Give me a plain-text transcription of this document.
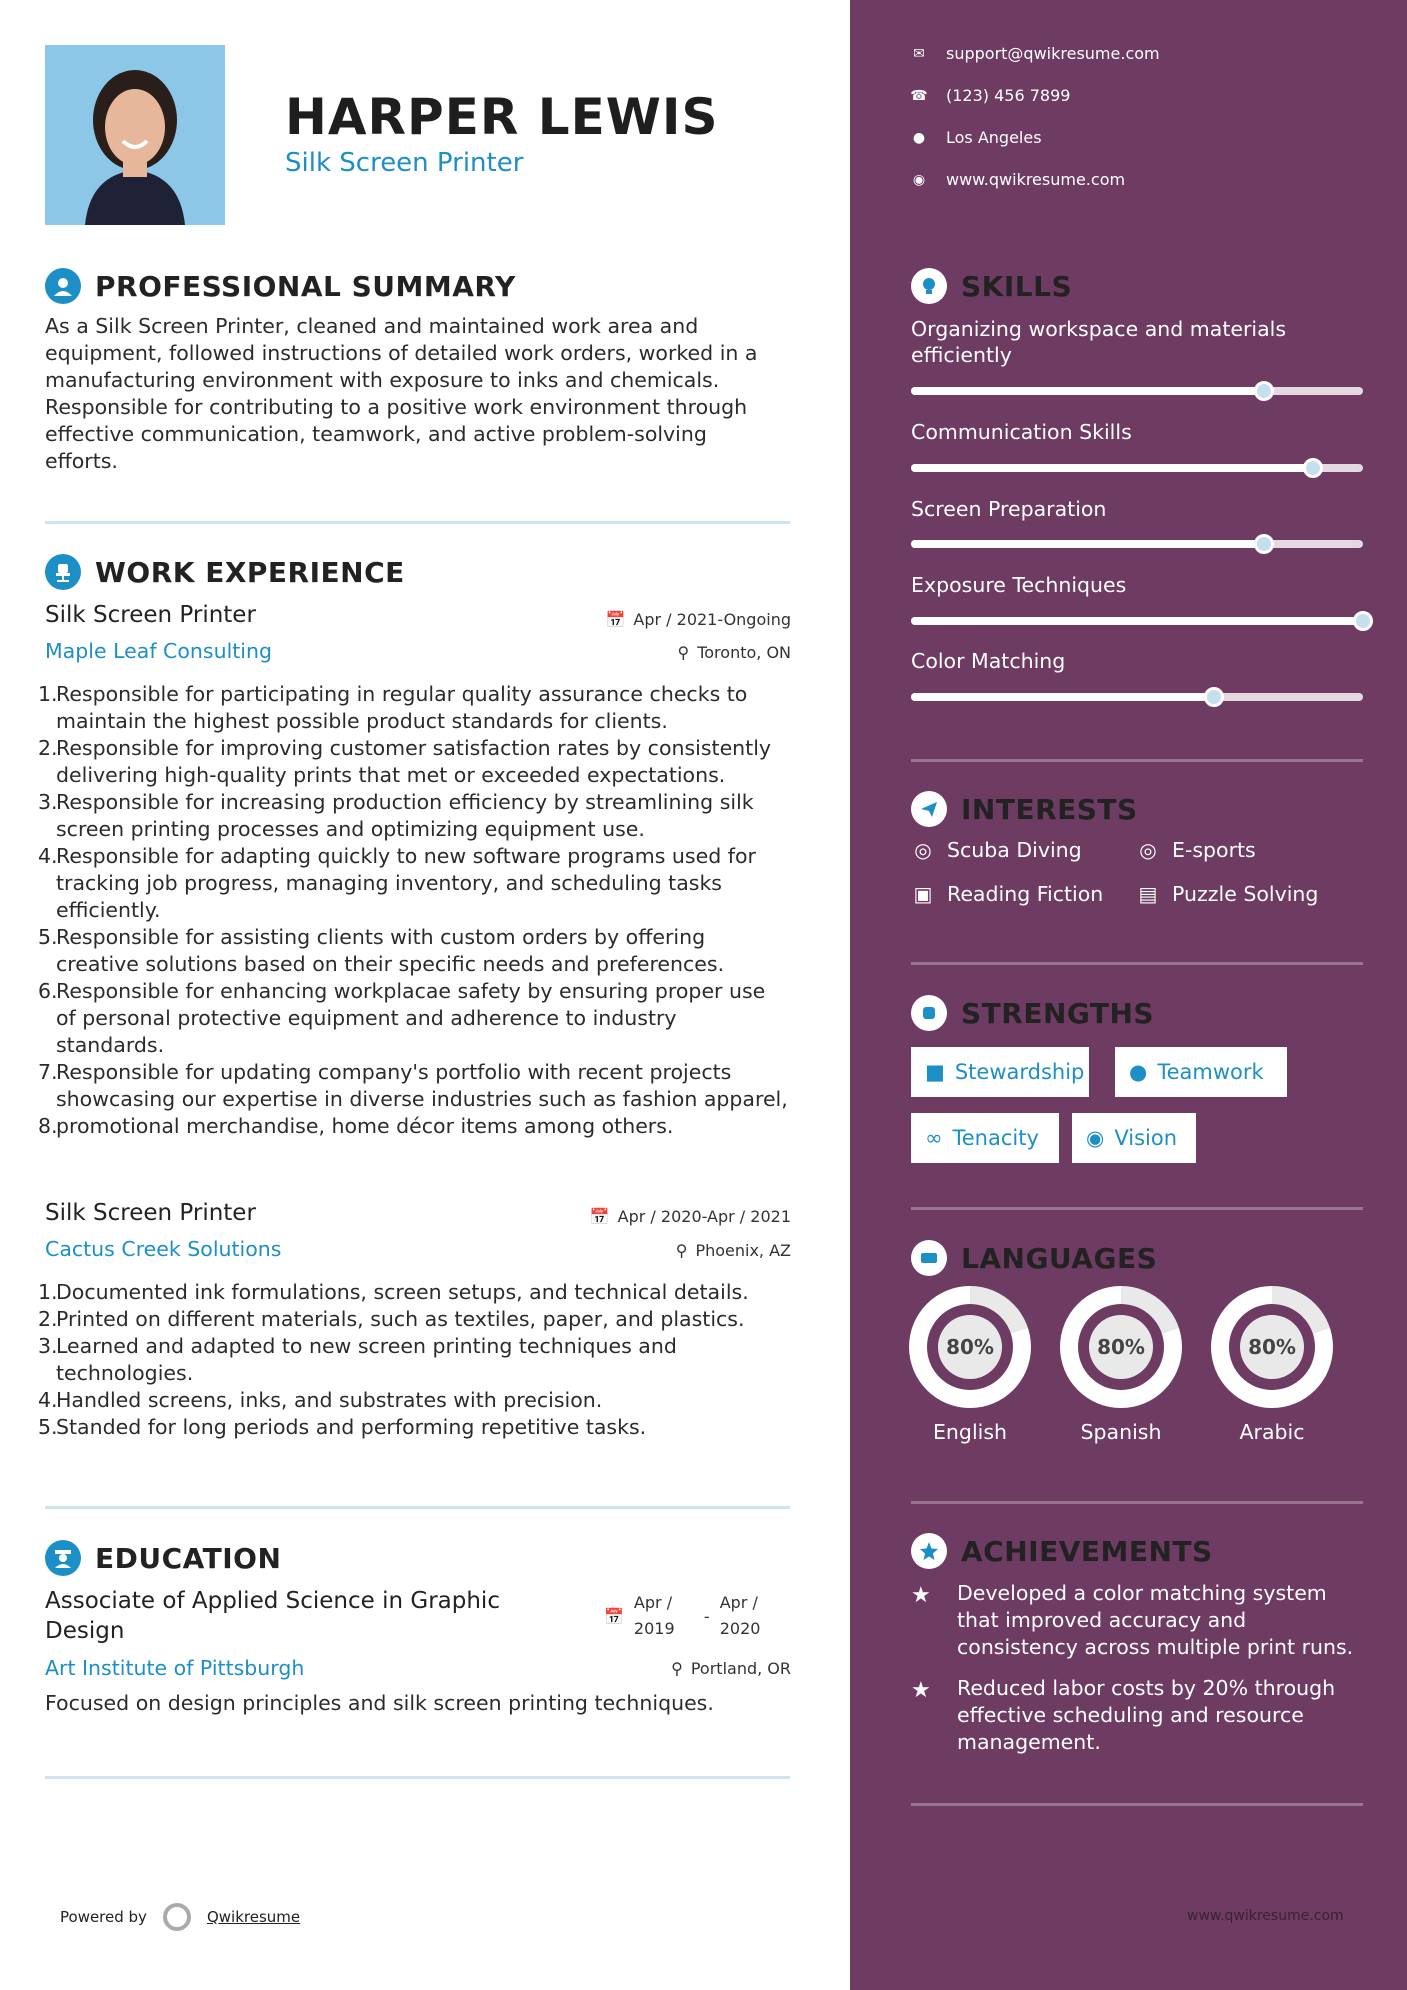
HARPER LEWIS
Silk Screen Printer
PROFESSIONAL SUMMARY
As a Silk Screen Printer, cleaned and maintained work area and equipment, followed instructions of detailed work orders, worked in a manufacturing environment with exposure to inks and chemicals. Responsible for contributing to a positive work environment through effective communication, teamwork, and active problem-solving efforts.
WORK EXPERIENCE
Silk Screen Printer	📅 Apr / 2021-Ongoing
Maple Leaf Consulting	⚲ Toronto, ON
1.
Responsible for participating in regular quality assurance checks to maintain the highest possible product standards for clients.
2.
Responsible for improving customer satisfaction rates by consistently delivering high-quality prints that met or exceeded expectations.
3.
Responsible for increasing production efficiency by streamlining silk screen printing processes and optimizing equipment use.
4.
Responsible for adapting quickly to new software programs used for tracking job progress, managing inventory, and scheduling tasks efficiently.
5.
Responsible for assisting clients with custom orders by offering creative solutions based on their specific needs and preferences.
6.
Responsible for enhancing workplacae safety by ensuring proper use of personal protective equipment and adherence to industry standards.
7.
Responsible for updating company's portfolio with recent projects showcasing our expertise in diverse industries such as fashion apparel,
8.
promotional merchandise, home décor items among others.
Silk Screen Printer	📅 Apr / 2020-Apr / 2021
Cactus Creek Solutions	⚲ Phoenix, AZ
1.
Documented ink formulations, screen setups, and technical details.
2.
Printed on different materials, such as textiles, paper, and plastics.
3.
Learned and adapted to new screen printing techniques and technologies.
4.
Handled screens, inks, and substrates with precision.
5.
Standed for long periods and performing repetitive tasks.
EDUCATION
Associate of Applied Science in Graphic Design
📅
Apr / 2019
-
Apr / 2020
Art Institute of Pittsburgh	⚲ Portland, OR
Focused on design principles and silk screen printing techniques.
Powered by	Qwikresume
✉ support@qwikresume.com
☎ (123) 456 7899
● Los Angeles
◉ www.qwikresume.com
SKILLS
Organizing workspace and materials efficiently
Communication Skills
Screen Preparation
Exposure Techniques
Color Matching
INTERESTS
◎ Scuba Diving	◎ E-sports
▣ Reading Fiction ▤ Puzzle Solving
STRENGTHS
■ Stewardship ● Teamwork
∞ Tenacity ◉ Vision
LANGUAGES
80%
English
80%
Spanish
80%
Arabic
ACHIEVEMENTS
★	Developed a color matching system that improved accuracy and consistency across multiple print runs.
★	Reduced labor costs by 20% through effective scheduling and resource management.
www.qwikresume.com
